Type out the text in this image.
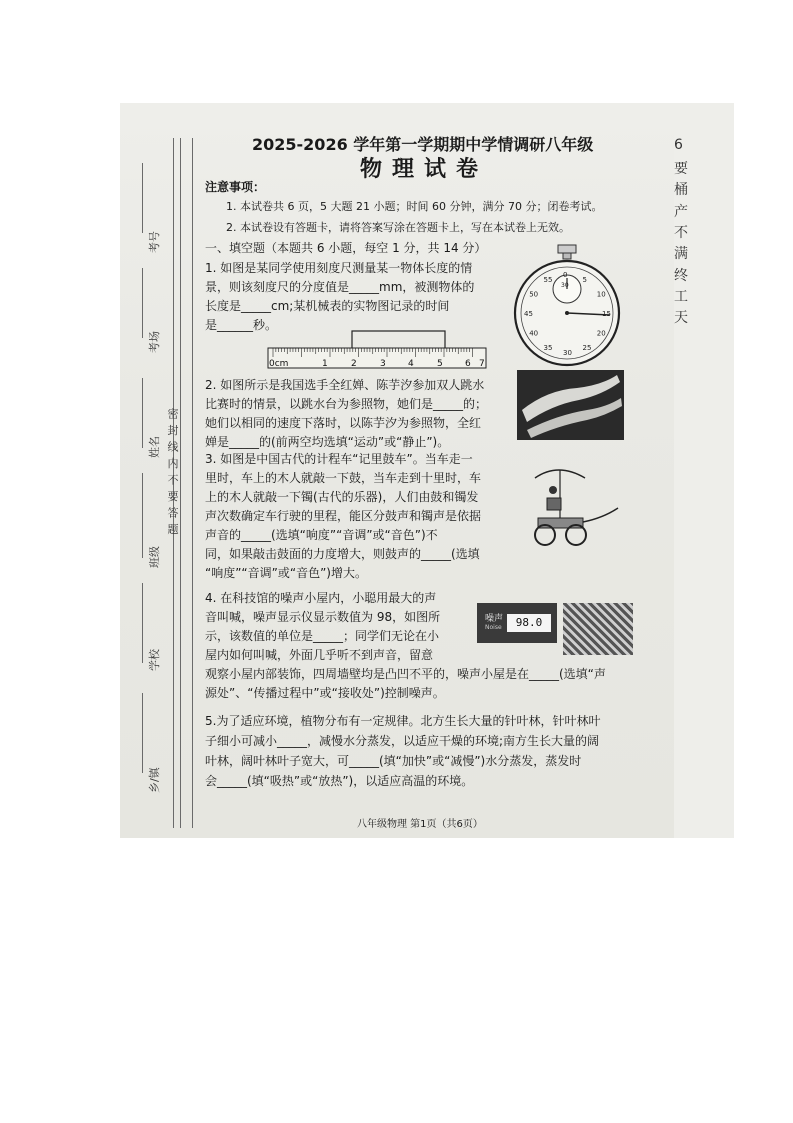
考号
考场
姓名
班级
学校
乡/镇
密 封 线 内 不 要 答 题
6
要
桶
产
不
满
终
工
天
2025-2026 学年第一学期期中学情调研八年级
物理试卷
注意事项：
1. 本试卷共 6 页，5 大题 21 小题；时间 60 分钟，满分 70 分；闭卷考试。
2. 本试卷设有答题卡，请将答案写涂在答题卡上，写在本试卷上无效。
一、填空题（本题共 6 小题，每空 1 分，共 14 分）
1. 如图是某同学使用刻度尺测量某一物体长度的情
景，则该刻度尺的分度值是_____mm，被测物体的
长度是_____cm;某机械表的实物图记录的时间
是______秒。
0cm	1	2	3 4	5 6 7
30
0
5
10
15
20
25
30
35
40
45
50
55
2. 如图所示是我国选手全红婵、陈芋汐参加双人跳水
比赛时的情景，以跳水台为参照物，她们是_____的；
她们以相同的速度下落时，以陈芋汐为参照物，全红
婵是_____的(前两空均选填“运动”或“静止”)。
3. 如图是中国古代的计程车“记里鼓车”。当车走一
里时，车上的木人就敲一下鼓，当车走到十里时，车
上的木人就敲一下镯(古代的乐器)，人们由鼓和镯发
声次数确定车行驶的里程，能区分鼓声和镯声是依据
声音的_____(选填“响度”“音调”或“音色”)不
同，如果敲击鼓面的力度增大，则鼓声的_____(选填
“响度”“音调”或“音色”)增大。
4. 在科技馆的噪声小屋内，小聪用最大的声
音叫喊，噪声显示仪显示数值为 98，如图所
示，该数值的单位是_____；同学们无论在小
屋内如何叫喊，外面几乎听不到声音，留意
观察小屋内部装饰，四周墙壁均是凸凹不平的，噪声小屋是在_____(选填“声
源处”、“传播过程中”或“接收处”)控制噪声。
噪声
Noise	98.0
5.为了适应环境，植物分布有一定规律。北方生长大量的针叶林，针叶林叶
子细小可减小_____，减慢水分蒸发，以适应干燥的环境;南方生长大量的阔
叶林，阔叶林叶子宽大，可_____(填“加快”或“减慢”)水分蒸发，蒸发时
会_____(填“吸热”或“放热”)，以适应高温的环境。
八年级物理 第1页（共6页）
